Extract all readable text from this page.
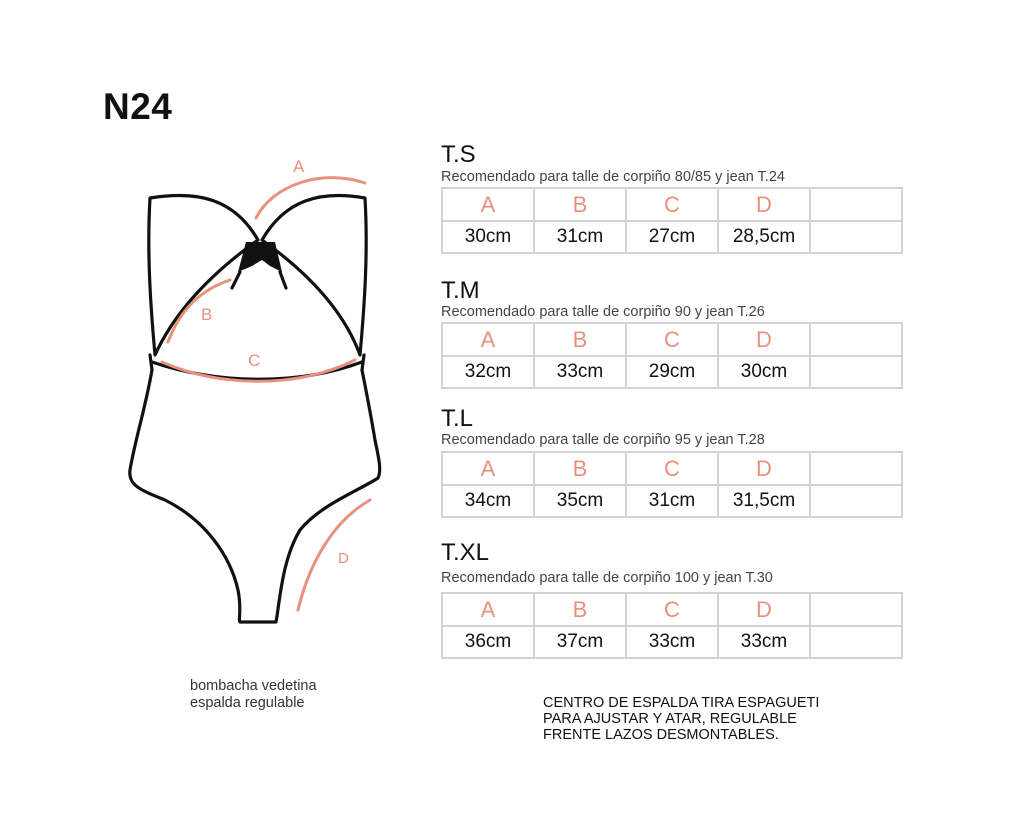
N24
A
B
C
D
bombacha vedetina
espalda regulable
T.S
Recomendado para talle de corpiño 80/85 y jean T.24
A	B	C	D	
30cm	31cm	27cm	28,5cm	
T.M
Recomendado para talle de corpiño 90 y jean T.26
A	B	C	D	
32cm	33cm	29cm	30cm	
T.L
Recomendado para talle de corpiño 95 y jean T.28
A	B	C	D	
34cm	35cm	31cm	31,5cm	
T.XL
Recomendado para talle de corpiño 100 y jean T.30
A	B	C	D	
36cm	37cm	33cm	33cm	
CENTRO DE ESPALDA TIRA ESPAGUETI
PARA AJUSTAR Y ATAR, REGULABLE
FRENTE LAZOS DESMONTABLES.
